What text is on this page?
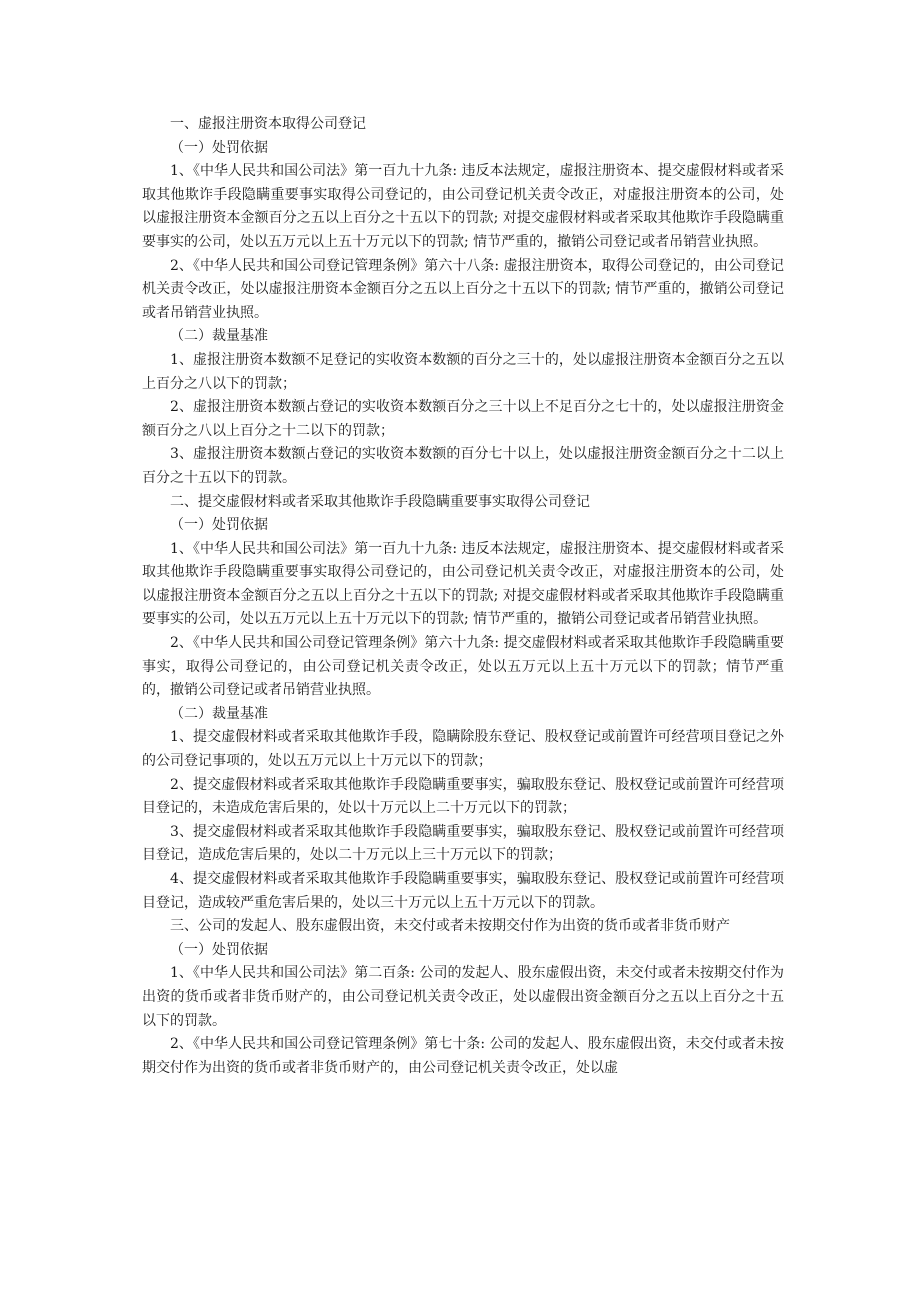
一、虚报注册资本取得公司登记

（一）处罚依据

1、《中华人民共和国公司法》第一百九十九条: 违反本法规定，虚报注册资本、提交虚假材料或者采取其他欺诈手段隐瞒重要事实取得公司登记的，由公司登记机关责令改正，对虚报注册资本的公司，处以虚报注册资本金额百分之五以上百分之十五以下的罚款; 对提交虚假材料或者采取其他欺诈手段隐瞒重要事实的公司，处以五万元以上五十万元以下的罚款; 情节严重的，撤销公司登记或者吊销营业执照。

2、《中华人民共和国公司登记管理条例》第六十八条: 虚报注册资本，取得公司登记的，由公司登记机关责令改正，处以虚报注册资本金额百分之五以上百分之十五以下的罚款; 情节严重的，撤销公司登记或者吊销营业执照。

（二）裁量基准

1、虚报注册资本数额不足登记的实收资本数额的百分之三十的，处以虚报注册资本金额百分之五以上百分之八以下的罚款；

2、虚报注册资本数额占登记的实收资本数额百分之三十以上不足百分之七十的，处以虚报注册资金额百分之八以上百分之十二以下的罚款；

3、虚报注册资本数额占登记的实收资本数额的百分七十以上，处以虚报注册资金额百分之十二以上百分之十五以下的罚款。

二、提交虚假材料或者采取其他欺诈手段隐瞒重要事实取得公司登记

（一）处罚依据

1、《中华人民共和国公司法》第一百九十九条: 违反本法规定，虚报注册资本、提交虚假材料或者采取其他欺诈手段隐瞒重要事实取得公司登记的，由公司登记机关责令改正，对虚报注册资本的公司，处以虚报注册资本金额百分之五以上百分之十五以下的罚款; 对提交虚假材料或者采取其他欺诈手段隐瞒重要事实的公司，处以五万元以上五十万元以下的罚款; 情节严重的，撤销公司登记或者吊销营业执照。

2、《中华人民共和国公司登记管理条例》第六十九条: 提交虚假材料或者采取其他欺诈手段隐瞒重要事实，取得公司登记的，由公司登记机关责令改正，处以五万元以上五十万元以下的罚款；情节严重的，撤销公司登记或者吊销营业执照。

（二）裁量基准

1、提交虚假材料或者采取其他欺诈手段，隐瞒除股东登记、股权登记或前置许可经营项目登记之外的公司登记事项的，处以五万元以上十万元以下的罚款；

2、提交虚假材料或者采取其他欺诈手段隐瞒重要事实，骗取股东登记、股权登记或前置许可经营项目登记的，未造成危害后果的，处以十万元以上二十万元以下的罚款；

3、提交虚假材料或者采取其他欺诈手段隐瞒重要事实，骗取股东登记、股权登记或前置许可经营项目登记，造成危害后果的，处以二十万元以上三十万元以下的罚款；

4、提交虚假材料或者采取其他欺诈手段隐瞒重要事实，骗取股东登记、股权登记或前置许可经营项目登记，造成较严重危害后果的，处以三十万元以上五十万元以下的罚款。

三、公司的发起人、股东虚假出资，未交付或者未按期交付作为出资的货币或者非货币财产

（一）处罚依据

1、《中华人民共和国公司法》第二百条: 公司的发起人、股东虚假出资，未交付或者未按期交付作为出资的货币或者非货币财产的，由公司登记机关责令改正，处以虚假出资金额百分之五以上百分之十五以下的罚款。

2、《中华人民共和国公司登记管理条例》第七十条: 公司的发起人、股东虚假出资，未交付或者未按期交付作为出资的货币或者非货币财产的，由公司登记机关责令改正，处以虚
